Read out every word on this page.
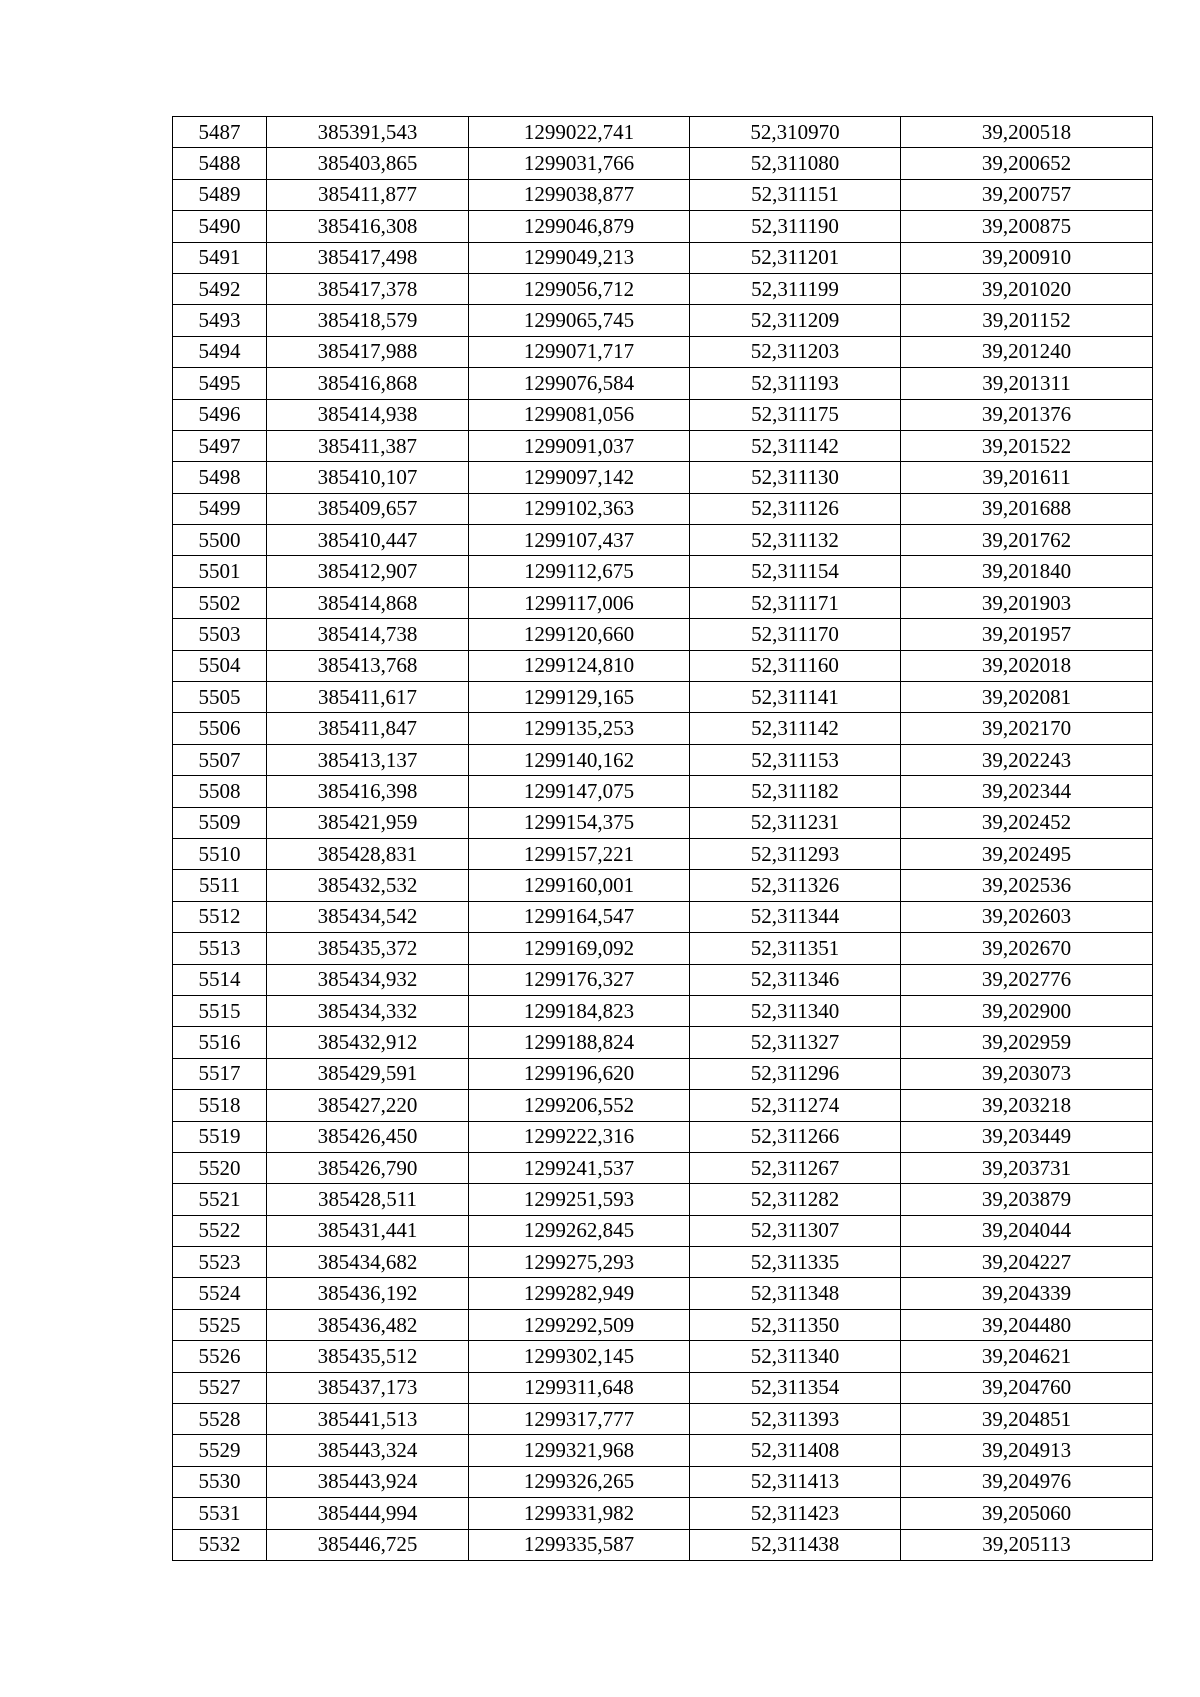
5487	385391,543	1299022,741	52,310970	39,200518
5488	385403,865	1299031,766	52,311080	39,200652
5489	385411,877	1299038,877	52,311151	39,200757
5490	385416,308	1299046,879	52,311190	39,200875
5491	385417,498	1299049,213	52,311201	39,200910
5492	385417,378	1299056,712	52,311199	39,201020
5493	385418,579	1299065,745	52,311209	39,201152
5494	385417,988	1299071,717	52,311203	39,201240
5495	385416,868	1299076,584	52,311193	39,201311
5496	385414,938	1299081,056	52,311175	39,201376
5497	385411,387	1299091,037	52,311142	39,201522
5498	385410,107	1299097,142	52,311130	39,201611
5499	385409,657	1299102,363	52,311126	39,201688
5500	385410,447	1299107,437	52,311132	39,201762
5501	385412,907	1299112,675	52,311154	39,201840
5502	385414,868	1299117,006	52,311171	39,201903
5503	385414,738	1299120,660	52,311170	39,201957
5504	385413,768	1299124,810	52,311160	39,202018
5505	385411,617	1299129,165	52,311141	39,202081
5506	385411,847	1299135,253	52,311142	39,202170
5507	385413,137	1299140,162	52,311153	39,202243
5508	385416,398	1299147,075	52,311182	39,202344
5509	385421,959	1299154,375	52,311231	39,202452
5510	385428,831	1299157,221	52,311293	39,202495
5511	385432,532	1299160,001	52,311326	39,202536
5512	385434,542	1299164,547	52,311344	39,202603
5513	385435,372	1299169,092	52,311351	39,202670
5514	385434,932	1299176,327	52,311346	39,202776
5515	385434,332	1299184,823	52,311340	39,202900
5516	385432,912	1299188,824	52,311327	39,202959
5517	385429,591	1299196,620	52,311296	39,203073
5518	385427,220	1299206,552	52,311274	39,203218
5519	385426,450	1299222,316	52,311266	39,203449
5520	385426,790	1299241,537	52,311267	39,203731
5521	385428,511	1299251,593	52,311282	39,203879
5522	385431,441	1299262,845	52,311307	39,204044
5523	385434,682	1299275,293	52,311335	39,204227
5524	385436,192	1299282,949	52,311348	39,204339
5525	385436,482	1299292,509	52,311350	39,204480
5526	385435,512	1299302,145	52,311340	39,204621
5527	385437,173	1299311,648	52,311354	39,204760
5528	385441,513	1299317,777	52,311393	39,204851
5529	385443,324	1299321,968	52,311408	39,204913
5530	385443,924	1299326,265	52,311413	39,204976
5531	385444,994	1299331,982	52,311423	39,205060
5532	385446,725	1299335,587	52,311438	39,205113
